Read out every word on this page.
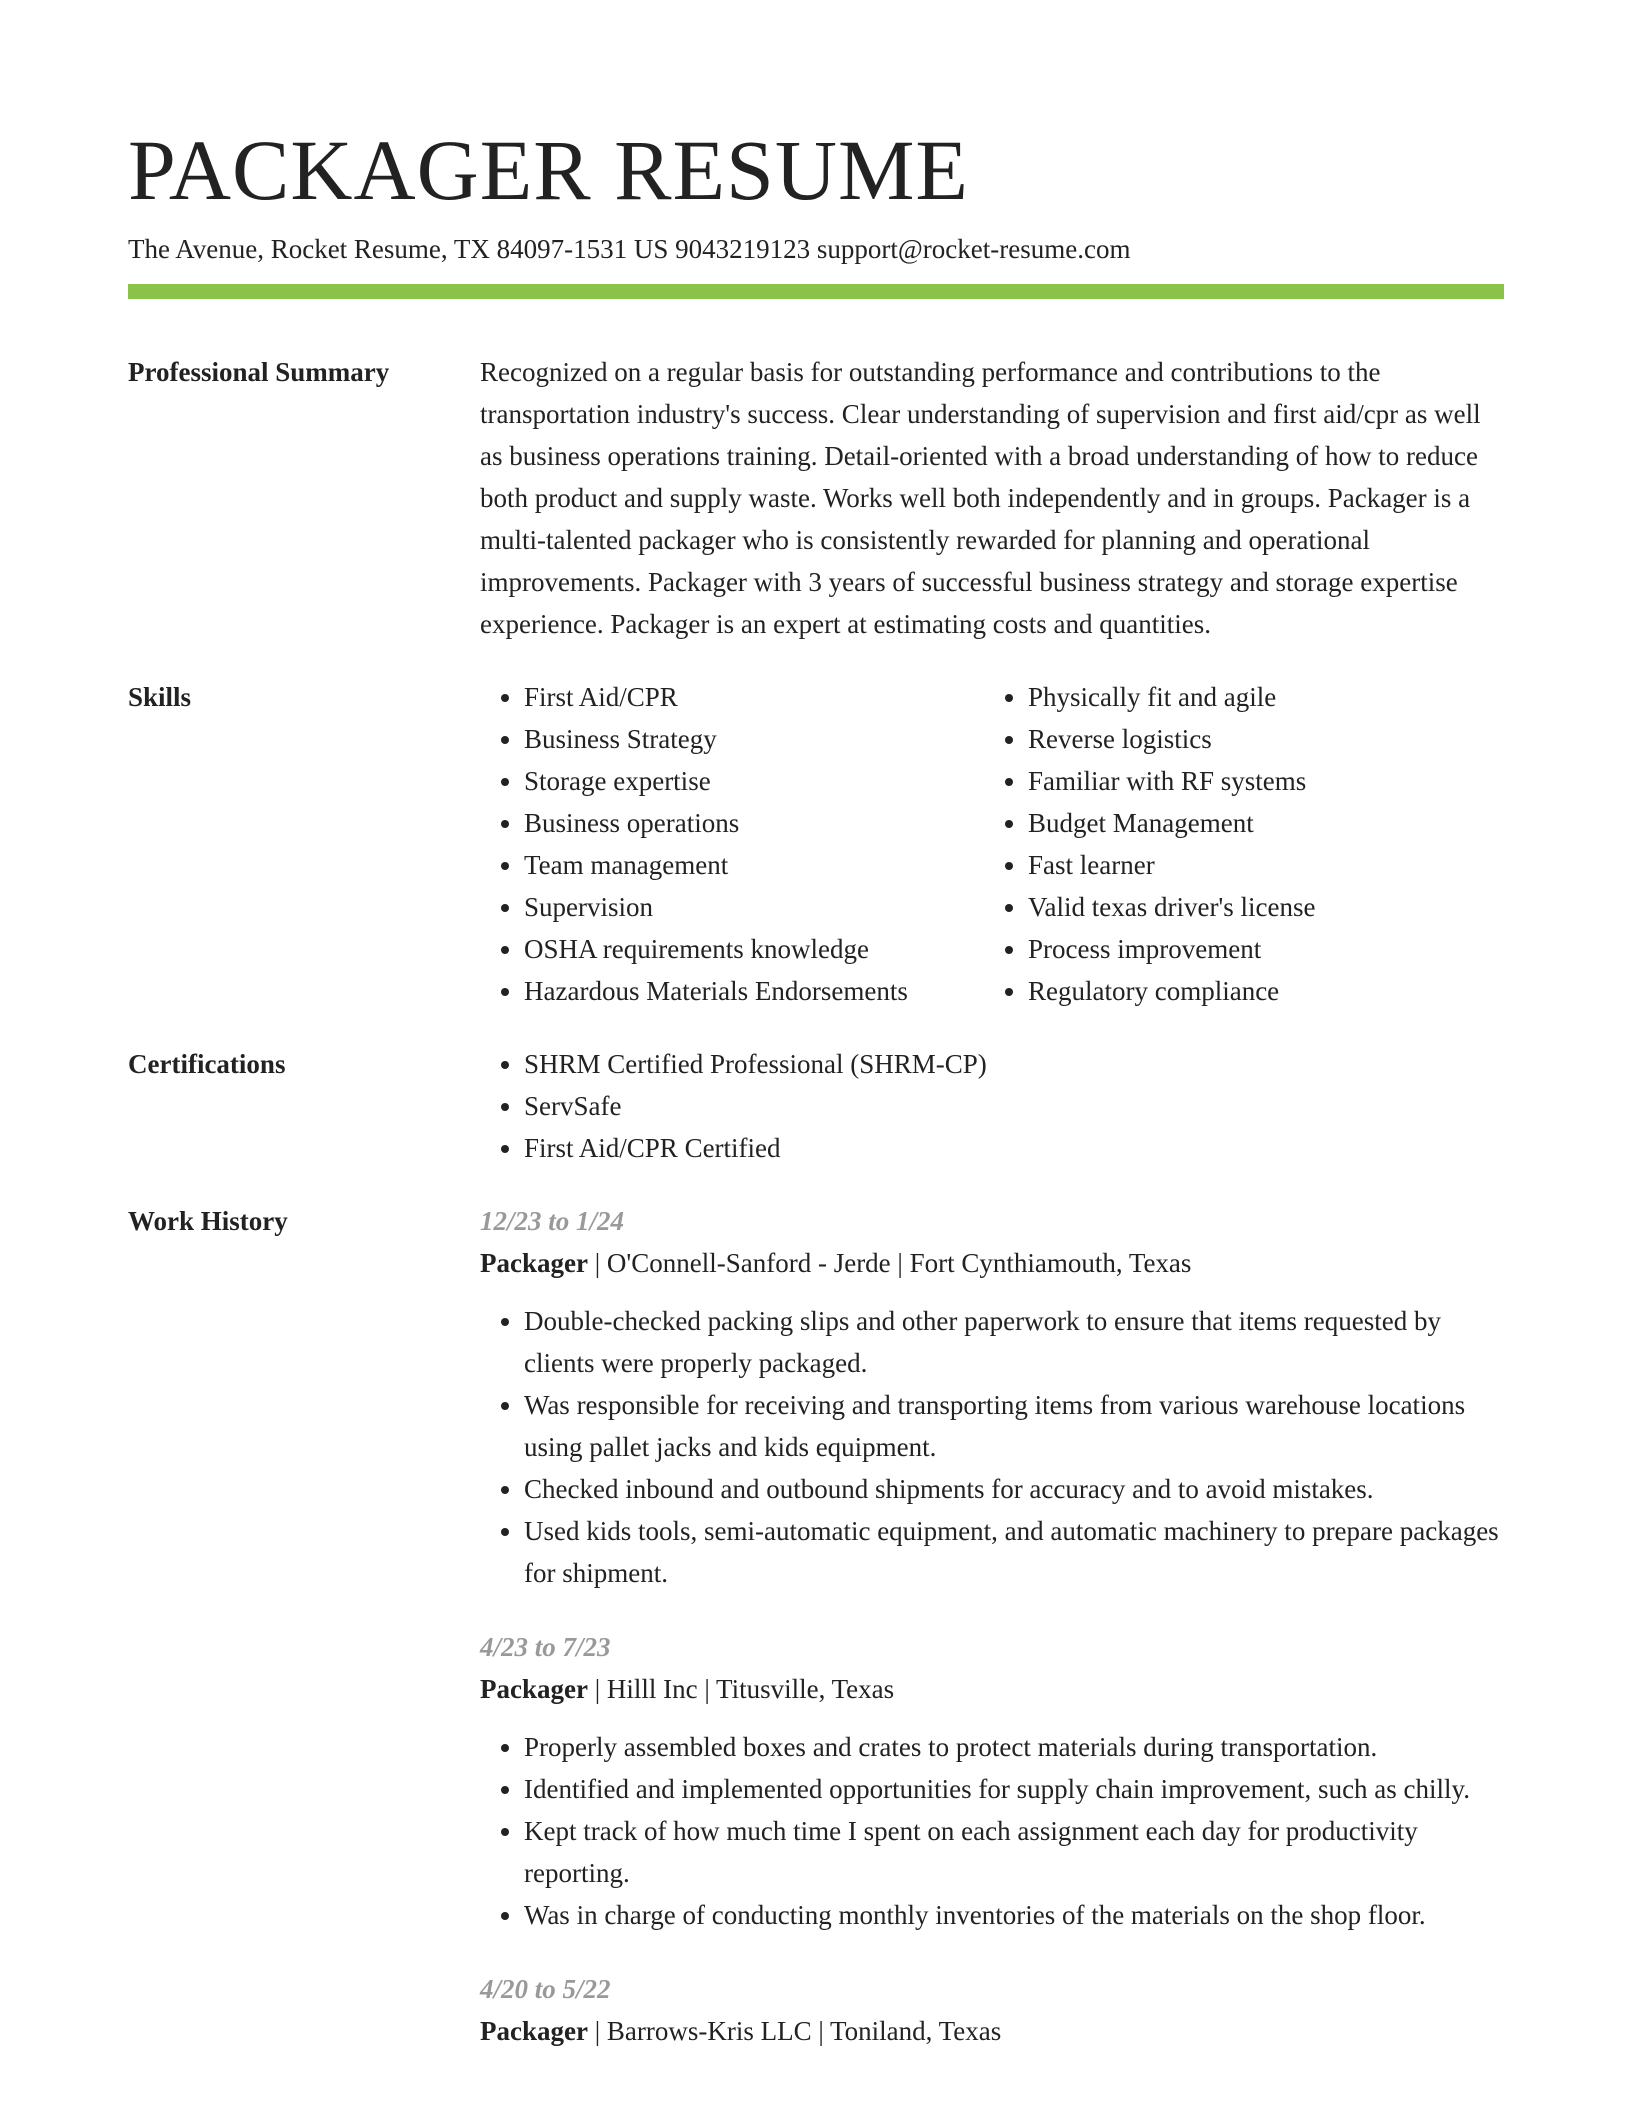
PACKAGER RESUME
The Avenue, Rocket Resume, TX 84097-1531 US 9043219123 support@rocket-resume.com
Professional Summary	Recognized on a regular basis for outstanding performance and contributions to the transportation industry's success. Clear understanding of supervision and first aid/cpr as well as business operations training. Detail-oriented with a broad understanding of how to reduce both product and supply waste. Works well both independently and in groups. Packager is a multi-talented packager who is consistently rewarded for planning and operational improvements. Packager with 3 years of successful business strategy and storage expertise experience. Packager is an expert at estimating costs and quantities.
Skills	• First Aid/CPR
• Business Strategy
• Storage expertise
• Business operations
• Team management
• Supervision
• OSHA requirements knowledge
• Hazardous Materials Endorsements
• Physically fit and agile
• Reverse logistics
• Familiar with RF systems
• Budget Management
• Fast learner
• Valid texas driver's license
• Process improvement
• Regulatory compliance
Certifications	• SHRM Certified Professional (SHRM-CP)
• ServSafe
• First Aid/CPR Certified
Work History	12/23 to 1/24
Packager | O'Connell-Sanford - Jerde | Fort Cynthiamouth, Texas
• Double-checked packing slips and other paperwork to ensure that items requested by clients were properly packaged.
• Was responsible for receiving and transporting items from various warehouse locations using pallet jacks and kids equipment.
• Checked inbound and outbound shipments for accuracy and to avoid mistakes.
• Used kids tools, semi-automatic equipment, and automatic machinery to prepare packages for shipment.
4/23 to 7/23
Packager | Hilll Inc | Titusville, Texas
• Properly assembled boxes and crates to protect materials during transportation.
• Identified and implemented opportunities for supply chain improvement, such as chilly.
• Kept track of how much time I spent on each assignment each day for productivity reporting.
• Was in charge of conducting monthly inventories of the materials on the shop floor.
4/20 to 5/22
Packager | Barrows-Kris LLC | Toniland, Texas
